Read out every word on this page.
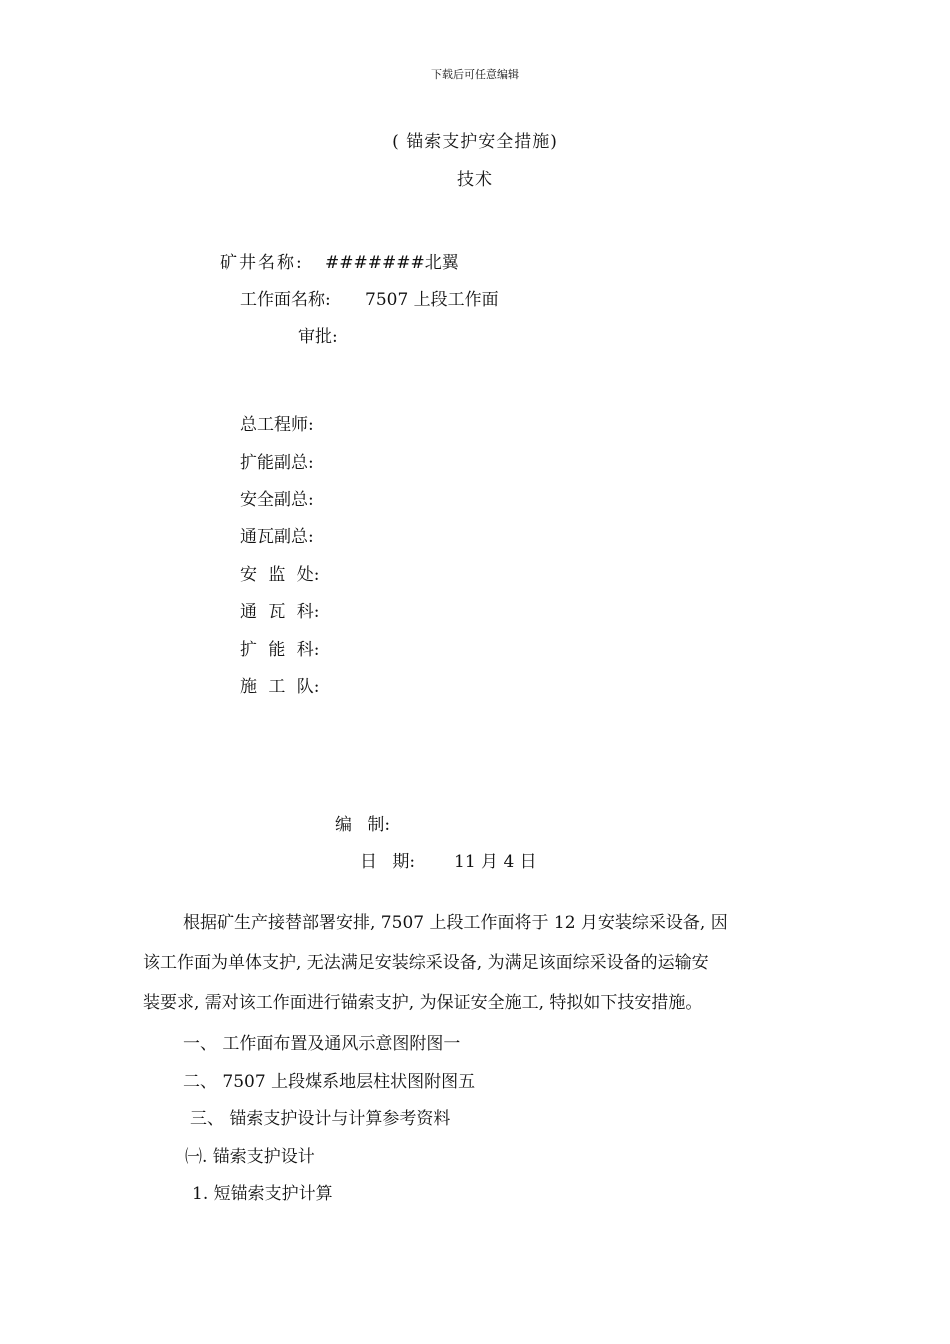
下载后可任意编辑
( 锚索支护安全措施)
技术
矿井名称: #######北翼
工作面名称: 7507 上段工作面
审批:
总工程师:
扩能副总:
安全副总:
通瓦副总:
安 监 处:
通 瓦 科:
扩 能 科:
施 工 队:
编 制:
日 期: 11 月 4 日
根据矿生产接替部署安排, 7507 上段工作面将于 12 月安装综采设备, 因
该工作面为单体支护, 无法满足安装综采设备, 为满足该面综采设备的运输安
装要求, 需对该工作面进行锚索支护, 为保证安全施工, 特拟如下技安措施。
一、 工作面布置及通风示意图附图一
二、 7507 上段煤系地层柱状图附图五
三、 锚索支护设计与计算参考资料
㈠. 锚索支护设计
1. 短锚索支护计算
